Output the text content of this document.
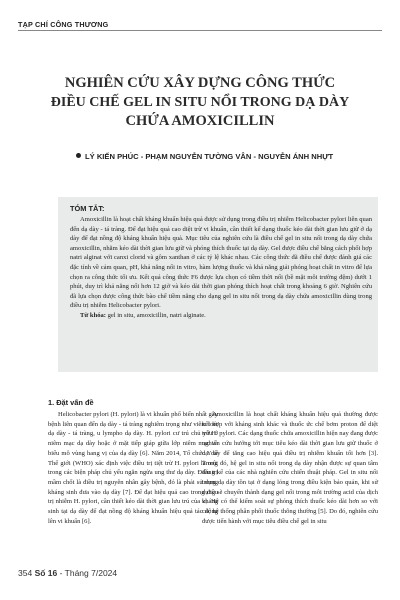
TẠP CHÍ CÔNG THƯƠNG
NGHIÊN CỨU XÂY DỰNG CÔNG THỨC
ĐIỀU CHẾ GEL IN SITU NỔI TRONG DẠ DÀY
CHỨA AMOXICILLIN
LÝ KIẾN PHÚC - PHẠM NGUYỄN TƯỜNG VÂN - NGUYỄN ÁNH NHỰT
TÓM TẮT:

Amoxicillin là hoạt chất kháng khuẩn hiệu quả được sử dụng trong điều trị nhiễm Helicobacter pylori liên quan đến dạ dày - tá tràng. Để đạt hiệu quả cao diệt trừ vi khuẩn, cần thiết kế dạng thuốc kéo dài thời gian lưu giữ ở dạ dày để đạt nồng độ kháng khuẩn hiệu quả. Mục tiêu của nghiên cứu là điều chế gel in situ nổi trong dạ dày chứa amoxicillin, nhằm kéo dài thời gian lưu giữ và phóng thích thuốc tại dạ dày. Gel được điều chế bằng cách phối hợp natri alginat với canxi clorid và gôm xanthan ở các tỷ lệ khác nhau. Các công thức đã điều chế được đánh giá các đặc tính về cảm quan, pH, khả năng nổi in vitro, hàm lượng thuốc và khả năng giải phóng hoạt chất in vitro để lựa chọn ra công thức tối ưu. Kết quả công thức F6 được lựa chọn có tiềm thời nổi (bề mặt môi trường đệm) dưới 1 phút, duy trì khả năng nổi hơn 12 giờ và kéo dài thời gian phóng thích hoạt chất trong khoảng 6 giờ. Nghiên cứu đã lựa chọn được công thức bào chế tiềm năng cho dạng gel in situ nổi trong dạ dày chứa amoxicillin dùng trong điều trị nhiễm Helicobacter pylori.

Từ khóa: gel in situ, amoxicillin, natri alginate.

1. Đặt vấn đề

Helicobacter pylori (H. pylori) là vi khuẩn phổ biến nhất gây bệnh liên quan đến dạ dày - tá tràng nghiêm trọng như viêm loét dạ dày - tá tràng, u lympho dạ dày. H. pylori cư trú chủ yếu ở niêm mạc dạ dày hoặc ở mặt tiếp giáp giữa lớp niêm mạc và biểu mô vùng hang vị của dạ dày [6]. Năm 2014, Tổ chức Y tế Thế giới (WHO) xác định việc điều trị tiệt trừ H. pylori là một trong các biện pháp chủ yếu ngăn ngừa ung thư dạ dày. Điều trị mầm chốt là điều trị nguyên nhân gây bệnh, đó là phải sử dụng kháng sinh đưa vào dạ dày [7]. Để đạt hiệu quả cao trong điều trị nhiễm H. pylori, cần thiết kéo dài thời gian lưu trú của kháng sinh tại dạ dày để đạt nồng độ kháng khuẩn hiệu quả tác động lên vi khuẩn [6].

Amoxicillin là hoạt chất kháng khuẩn hiệu quả thường được kết hợp với kháng sinh khác và thuốc ức chế bơm proton để diệt trừ H. pylori. Các dạng thuốc chứa amoxicillin hiện nay đang được nghiên cứu hướng tới mục tiêu kéo dài thời gian lưu giữ thuốc ở dạ dày để tăng cao hiệu quả điều trị nhiễm khuẩn tối hơn [3]. Trong đó, hệ gel in situ nổi trong dạ dày nhận được sự quan tâm đáng kể của các nhà nghiên cứu chiến thuật pháp. Gel in situ nổi trong dạ dày tồn tại ở dạng lỏng trong điều kiện bảo quản, khi sử dụng sẽ chuyển thành dạng gel nổi trong môi trường acid của dịch vị. Hệ có thể kiểm soát sự phóng thích thuốc kéo dài hơn so với các hệ thống phân phối thuốc thông thường [5]. Do đó, nghiên cứu được tiến hành với mục tiêu điều chế gel in situ

354 Số 16 - Tháng 7/2024
